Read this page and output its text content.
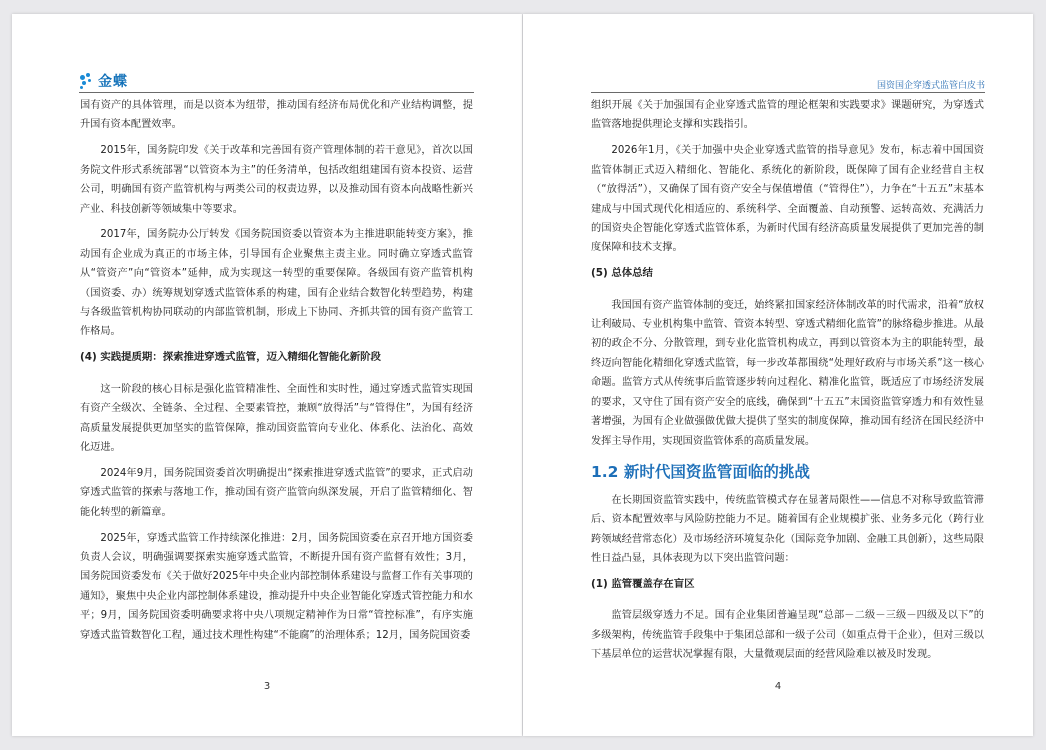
金蝶

国有资产的具体管理，而是以资本为纽带，推动国有经济布局优化和产业结构调整，提升国有资本配置效率。

2015年，国务院印发《关于改革和完善国有资产管理体制的若干意见》，首次以国务院文件形式系统部署“以管资本为主”的任务清单，包括改组组建国有资本投资、运营公司，明确国有资产监管机构与两类公司的权责边界，以及推动国有资本向战略性新兴产业、科技创新等领域集中等要求。

2017年，国务院办公厅转发《国务院国资委以管资本为主推进职能转变方案》，推动国有企业成为真正的市场主体，引导国有企业聚焦主责主业。同时确立穿透式监管从“管资产”向“管资本”延伸，成为实现这一转型的重要保障。各级国有资产监管机构（国资委、办）统筹规划穿透式监管体系的构建，国有企业结合数智化转型趋势，构建与各级监管机构协同联动的内部监管机制，形成上下协同、齐抓共管的国有资产监管工作格局。

(4) 实践提质期：探索推进穿透式监管，迈入精细化智能化新阶段

这一阶段的核心目标是强化监管精准性、全面性和实时性，通过穿透式监管实现国有资产全级次、全链条、全过程、全要素管控，兼顾“放得活”与“管得住”，为国有经济高质量发展提供更加坚实的监管保障，推动国资监管向专业化、体系化、法治化、高效化迈进。

2024年9月，国务院国资委首次明确提出“探索推进穿透式监管”的要求，正式启动穿透式监管的探索与落地工作，推动国有资产监管向纵深发展，开启了监管精细化、智能化转型的新篇章。

2025年，穿透式监管工作持续深化推进：2月，国务院国资委在京召开地方国资委负责人会议，明确强调要探索实施穿透式监管，不断提升国有资产监督有效性；3月，国务院国资委发布《关于做好2025年中央企业内部控制体系建设与监督工作有关事项的通知》，聚焦中央企业内部控制体系建设，推动提升中央企业智能化穿透式管控能力和水平；9月，国务院国资委明确要求将中央八项规定精神作为日常“管控标准”，有序实施穿透式监管数智化工程，通过技术理性构建“不能腐”的治理体系；12月，国务院国资委

3
国资国企穿透式监管白皮书

组织开展《关于加强国有企业穿透式监管的理论框架和实践要求》课题研究，为穿透式监管落地提供理论支撑和实践指引。

2026年1月，《关于加强中央企业穿透式监管的指导意见》发布，标志着中国国资监管体制正式迈入精细化、智能化、系统化的新阶段，既保障了国有企业经营自主权（“放得活”），又确保了国有资产安全与保值增值（“管得住”），力争在“十五五”末基本建成与中国式现代化相适应的、系统科学、全面覆盖、自动预警、运转高效、充满活力的国资央企智能化穿透式监管体系，为新时代国有经济高质量发展提供了更加完善的制度保障和技术支撑。

(5) 总体总结

我国国有资产监管体制的变迁，始终紧扣国家经济体制改革的时代需求，沿着“放权让利破局、专业机构集中监管、管资本转型、穿透式精细化监管”的脉络稳步推进。从最初的政企不分、分散管理，到专业化监管机构成立，再到以管资本为主的职能转型，最终迈向智能化精细化穿透式监管，每一步改革都围绕“处理好政府与市场关系”这一核心命题。监管方式从传统事后监管逐步转向过程化、精准化监管，既适应了市场经济发展的要求，又守住了国有资产安全的底线，确保到“十五五”末国资监管穿透力和有效性显著增强，为国有企业做强做优做大提供了坚实的制度保障，推动国有经济在国民经济中发挥主导作用，实现国资监管体系的高质量发展。

1.2 新时代国资监管面临的挑战

在长期国资监管实践中，传统监管模式存在显著局限性——信息不对称导致监管滞后、资本配置效率与风险防控能力不足。随着国有企业规模扩张、业务多元化（跨行业跨领域经营常态化）及市场经济环境复杂化（国际竞争加剧、金融工具创新），这些局限性日益凸显，具体表现为以下突出监管问题：

(1) 监管覆盖存在盲区

监管层级穿透力不足。国有企业集团普遍呈现“总部－二级－三级－四级及以下”的多级架构，传统监管手段集中于集团总部和一级子公司（如重点骨干企业），但对三级以下基层单位的运营状况掌握有限，大量微观层面的经营风险难以被及时发现。

4
